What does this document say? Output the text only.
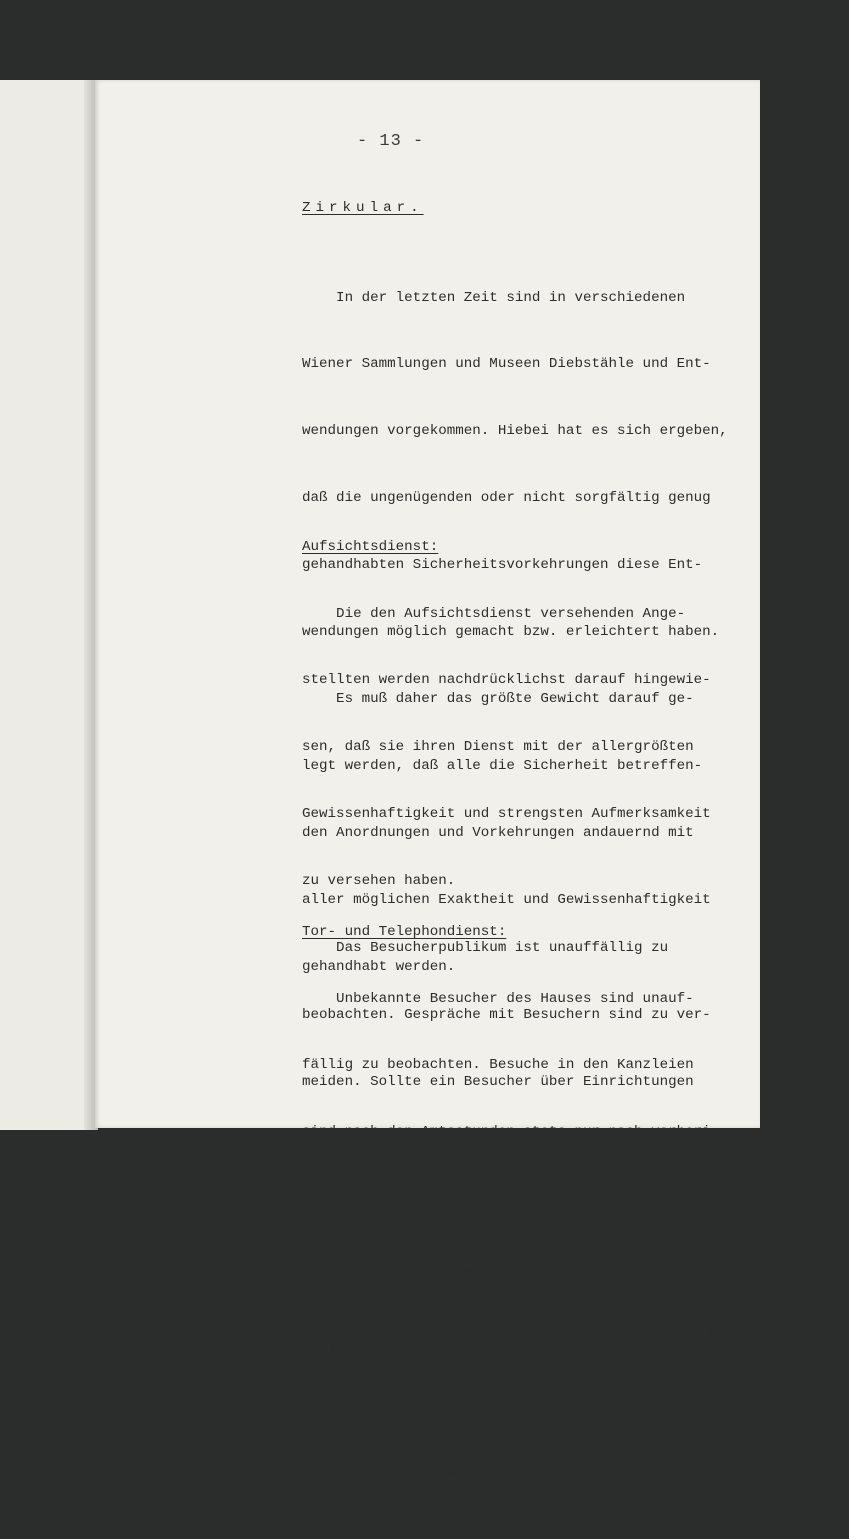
- 13 -
Zirkular.

In der letzten Zeit sind in verschiedenen

Wiener Sammlungen und Museen Diebstähle und Ent-

wendungen vorgekommen. Hiebei hat es sich ergeben,

daß die ungenügenden oder nicht sorgfältig genug

gehandhabten Sicherheitsvorkehrungen diese Ent-

wendungen möglich gemacht bzw. erleichtert haben.

Es muß daher das größte Gewicht darauf ge-

legt werden, daß alle die Sicherheit betreffen-

den Anordnungen und Vorkehrungen andauernd mit

aller möglichen Exaktheit und Gewissenhaftigkeit

gehandhabt werden.

Aufsichtsdienst:

Die den Aufsichtsdienst versehenden Ange-

stellten werden nachdrücklichst darauf hingewie-

sen, daß sie ihren Dienst mit der allergrößten

Gewissenhaftigkeit und strengsten Aufmerksamkeit

zu versehen haben.

Das Besucherpublikum ist unauffällig zu

beobachten. Gespräche mit Besuchern sind zu ver-

meiden. Sollte ein Besucher über Einrichtungen

des Hauses nähere Aufklärungen und Informationen

zu erlangen suchen, so ist, falls diese seine

Fragen und Nachforschungen oder sein sonstiges

Verhalten auch nur das geringste Bedenken hervor-

zurufen geeignet ist sind, hievon sogleich die

Meldung zu erstatten.

Tor- und Telephondienst:

Unbekannte Besucher des Hauses sind unauf-

fällig zu beobachten. Besuche in den Kanzleien

sind nach den Amtsstunden stets nur nach vorheri-

ger Anmeldung zuzulassen. Sonst hat diese Anmel-

dung auch dann zu geschehen, wenn sich irgend-

welche Bedenken hinsichtlich der Zutritt begehren-
